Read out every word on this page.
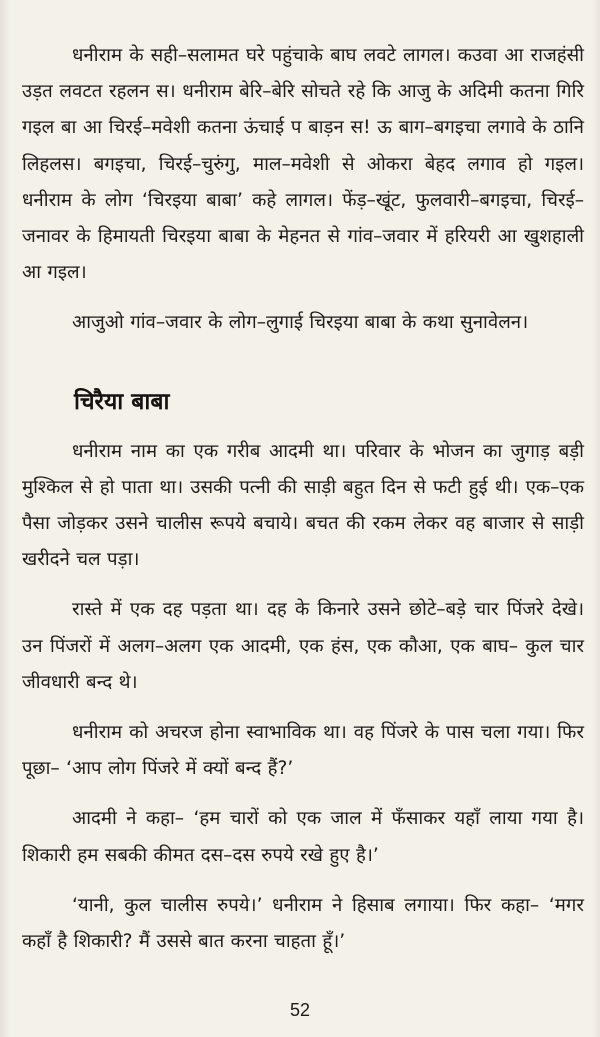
धनीराम के सही–सलामत घरे पहुंचाके बाघ लवटे लागल। कउवा आ राजहंसी उड़त लवटत रहलन स। धनीराम बेरि–बेरि सोचते रहे कि आजु के अदिमी कतना गिरि गइल बा आ चिरई–मवेशी कतना ऊंचाई प बाड़न स! ऊ बाग–बगइचा लगावे के ठानि लिहलस। बगइचा, चिरई–चुरुंगु, माल–मवेशी से ओकरा बेहद लगाव हो गइल। धनीराम के लोग ‘चिरइया बाबा’ कहे लागल। फेंड़–खूंट, फुलवारी–बगइचा, चिरई–जनावर के हिमायती चिरइया बाबा के मेहनत से गांव–जवार में हरियरी आ खुशहाली आ गइल।

आजुओ गांव–जवार के लोग–लुगाई चिरइया बाबा के कथा सुनावेलन।

चिरैया बाबा

धनीराम नाम का एक गरीब आदमी था। परिवार के भोजन का जुगाड़ बड़ी मुश्किल से हो पाता था। उसकी पत्नी की साड़ी बहुत दिन से फटी हुई थी। एक–एक पैसा जोड़कर उसने चालीस रूपये बचाये। बचत की रकम लेकर वह बाजार से साड़ी खरीदने चल पड़ा।

रास्ते में एक दह पड़ता था। दह के किनारे उसने छोटे–बड़े चार पिंजरे देखे। उन पिंजरों में अलग–अलग एक आदमी, एक हंस, एक कौआ, एक बाघ– कुल चार जीवधारी बन्द थे।

धनीराम को अचरज होना स्वाभाविक था। वह पिंजरे के पास चला गया। फिर पूछा– ‘आप लोग पिंजरे में क्यों बन्द हैं?’

आदमी ने कहा– ‘हम चारों को एक जाल में फँसाकर यहाँ लाया गया है। शिकारी हम सबकी कीमत दस–दस रुपये रखे हुए है।’

‘यानी, कुल चालीस रुपये।’ धनीराम ने हिसाब लगाया। फिर कहा– ‘मगर कहाँ है शिकारी? मैं उससे बात करना चाहता हूँ।’

52
